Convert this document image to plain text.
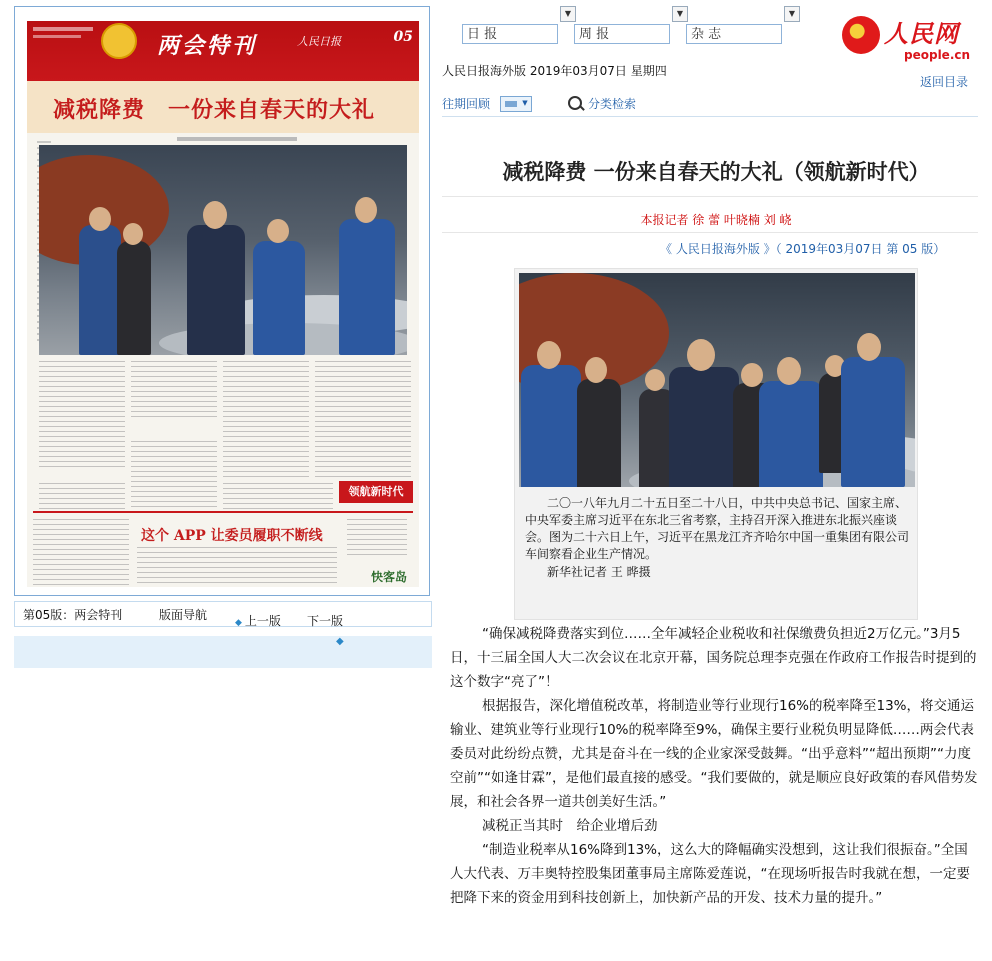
两会特刊	人民日报	05
减税降费　一份来自春天的大礼
领航新时代
这个 APP 让委员履职不断线
快客岛
第05版：两会特刊	版面导航
◆ 上一版 下一版
◆
▼
日 报
▼
周 报
▼
杂 志	人民网
people.cn
人民日报海外版 2019年03月07日 星期四
返回目录
往期回顾	▼	分类检索
减税降费 一份来自春天的大礼（领航新时代）
本报记者 徐 蕾 叶晓楠 刘 峣
《 人民日报海外版 》（ 2019年03月07日 第 05 版）

二〇一八年九月二十五日至二十八日，中共中央总书记、国家主席、中央军委主席习近平在东北三省考察，主持召开深入推进东北振兴座谈会。图为二十六日上午，习近平在黑龙江齐齐哈尔中国一重集团有限公司车间察看企业生产情况。

新华社记者 王 晔摄

“确保减税降费落实到位……全年减轻企业税收和社保缴费负担近2万亿元。”3月5日，十三届全国人大二次会议在北京开幕，国务院总理李克强在作政府工作报告时提到的这个数字“亮了”！

根据报告，深化增值税改革，将制造业等行业现行16%的税率降至13%，将交通运输业、建筑业等行业现行10%的税率降至9%，确保主要行业税负明显降低……两会代表委员对此纷纷点赞，尤其是奋斗在一线的企业家深受鼓舞。“出乎意料”“超出预期”“力度空前”“如逢甘霖”，是他们最直接的感受。“我们要做的，就是顺应良好政策的春风借势发展，和社会各界一道共创美好生活。”

减税正当其时　给企业增后劲

“制造业税率从16%降到13%，这么大的降幅确实没想到，这让我们很振奋。”全国人大代表、万丰奥特控股集团董事局主席陈爱莲说，“在现场听报告时我就在想，一定要把降下来的资金用到科技创新上，加快新产品的开发、技术力量的提升。”
